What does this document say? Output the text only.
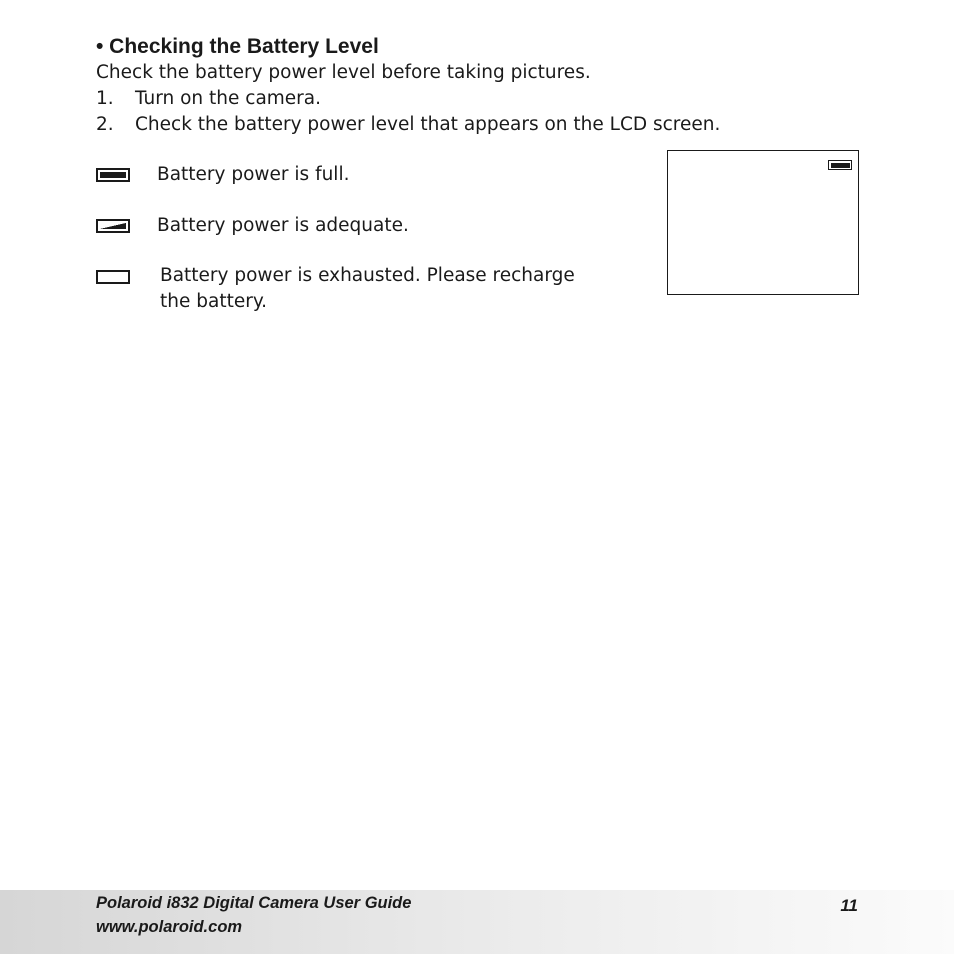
• Checking the Battery Level
Check the battery power level before taking pictures.
1. Turn on the camera.
2. Check the battery power level that appears on the LCD screen.
Battery power is full.
Battery power is adequate.
Battery power is exhausted. Please recharge
the battery.
Polaroid i832 Digital Camera User Guide
www.polaroid.com
11
